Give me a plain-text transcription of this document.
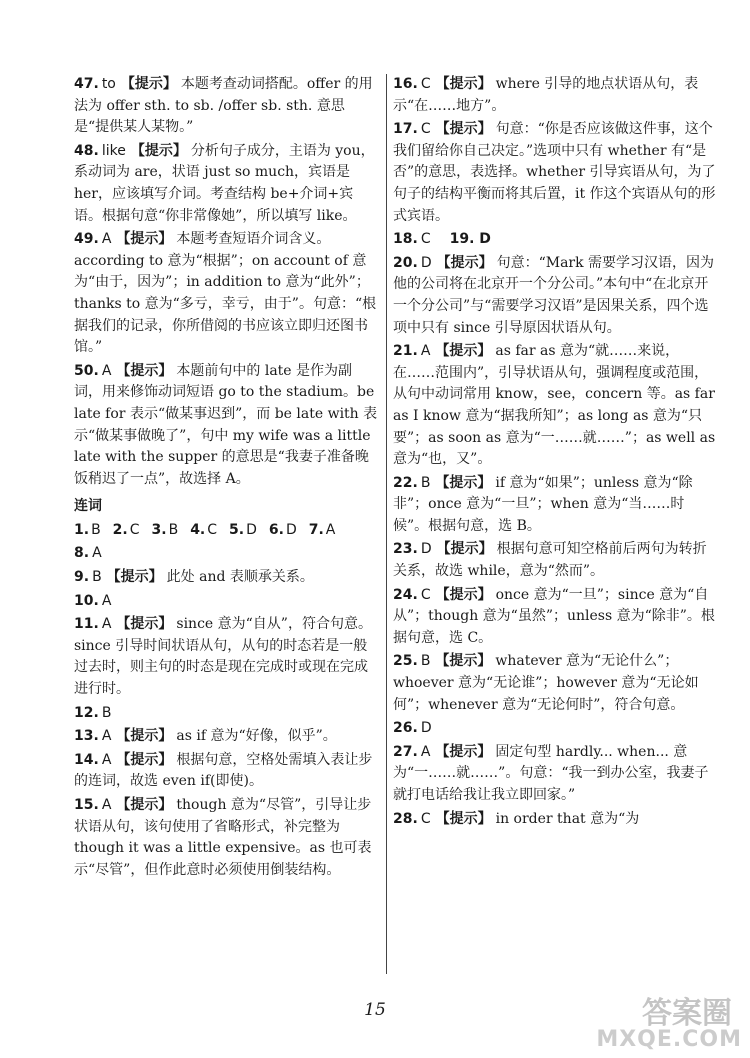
47. to 【提示】 本题考查动词搭配。offer 的用法为 offer sth. to sb. /offer sb. sth. 意思是“提供某人某物。”
48. like 【提示】 分析句子成分，主语为 you，系动词为 are，状语 just so much，宾语是 her，应该填写介词。考查结构 be+介词+宾语。根据句意“你非常像她”，所以填写 like。
49. A 【提示】 本题考查短语介词含义。according to 意为“根据”；on account of 意为“由于，因为”；in addition to 意为“此外”；thanks to 意为“多亏，幸亏，由于”。句意：“根据我们的记录，你所借阅的书应该立即归还图书馆。”
50. A 【提示】 本题前句中的 late 是作为副词，用来修饰动词短语 go to the stadium。be late for 表示“做某事迟到”，而 be late with 表示“做某事做晚了”，句中 my wife was a little late with the supper 的意思是“我妻子准备晚饭稍迟了一点”，故选择 A。
连词
1. B 2. C 3. B 4. C 5. D 6. D 7. A
8. A
9. B 【提示】 此处 and 表顺承关系。
10. A
11. A 【提示】 since 意为“自从”，符合句意。since 引导时间状语从句，从句的时态若是一般过去时，则主句的时态是现在完成时或现在完成进行时。
12. B
13. A 【提示】 as if 意为“好像，似乎”。
14. A 【提示】 根据句意，空格处需填入表让步的连词，故选 even if(即使)。
15. A 【提示】 though 意为“尽管”，引导让步状语从句，该句使用了省略形式，补完整为 though it was a little expensive。as 也可表示“尽管”，但作此意时必须使用倒装结构。
16. C 【提示】 where 引导的地点状语从句，表示“在……地方”。
17. C 【提示】 句意：“你是否应该做这件事，这个我们留给你自己决定。”选项中只有 whether 有“是否”的意思，表选择。whether 引导宾语从句，为了句子的结构平衡而将其后置，it 作这个宾语从句的形式宾语。
18. C 19. D
20. D 【提示】 句意：“Mark 需要学习汉语，因为他的公司将在北京开一个分公司。”本句中“在北京开一个分公司”与“需要学习汉语”是因果关系，四个选项中只有 since 引导原因状语从句。
21. A 【提示】 as far as 意为“就……来说，在……范围内”，引导状语从句，强调程度或范围，从句中动词常用 know，see，concern 等。as far as I know 意为“据我所知”；as long as 意为“只要”；as soon as 意为“一……就……”；as well as 意为“也，又”。
22. B 【提示】 if 意为“如果”；unless 意为“除非”；once 意为“一旦”；when 意为“当……时候”。根据句意，选 B。
23. D 【提示】 根据句意可知空格前后两句为转折关系，故选 while，意为“然而”。
24. C 【提示】 once 意为“一旦”；since 意为“自从”；though 意为“虽然”；unless 意为“除非”。根据句意，选 C。
25. B 【提示】 whatever 意为“无论什么”；whoever 意为“无论谁”；however 意为“无论如何”；whenever 意为“无论何时”，符合句意。
26. D
27. A 【提示】 固定句型 hardly... when... 意为“一……就……”。句意：“我一到办公室，我妻子就打电话给我让我立即回家。”
28. C 【提示】 in order that 意为“为
15	答案圈
MXQE.COM
